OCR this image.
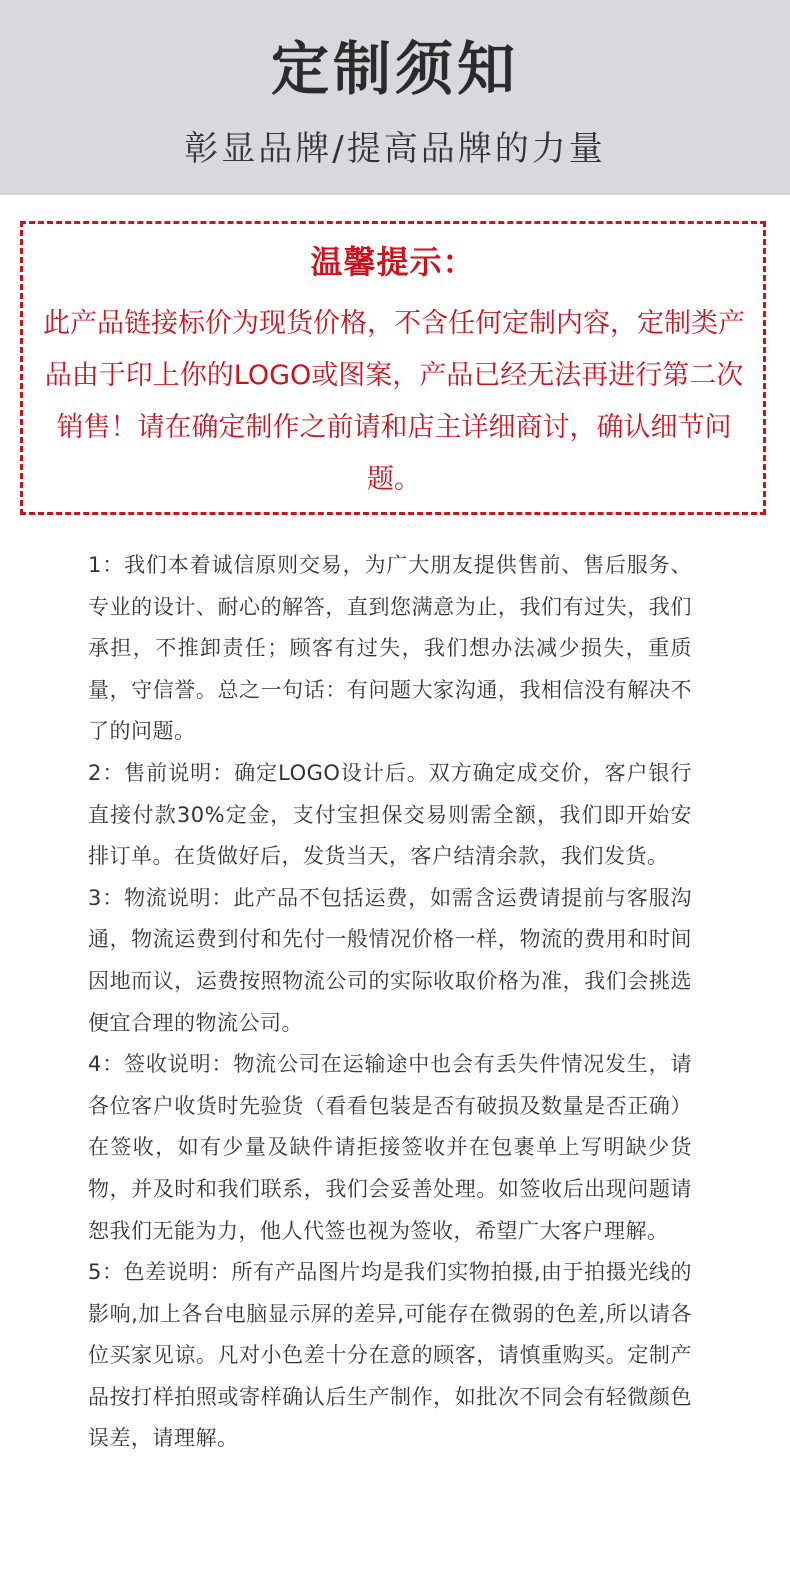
定制须知
彰显品牌/提高品牌的力量
温馨提示：
此产品链接标价为现货价格，不含任何定制内容，定制类产品由于印上你的LOGO或图案，产品已经无法再进行第二次销售！请在确定制作之前请和店主详细商讨，确认细节问题。
1：我们本着诚信原则交易，为广大朋友提供售前、售后服务、专业的设计、耐心的解答，直到您满意为止，我们有过失，我们承担，不推卸责任；顾客有过失，我们想办法减少损失，重质量，守信誉。总之一句话：有问题大家沟通，我相信没有解决不了的问题。
2：售前说明：确定LOGO设计后。双方确定成交价，客户银行直接付款30%定金，支付宝担保交易则需全额，我们即开始安排订单。在货做好后，发货当天，客户结清余款，我们发货。
3：物流说明：此产品不包括运费，如需含运费请提前与客服沟通，物流运费到付和先付一般情况价格一样，物流的费用和时间因地而议，运费按照物流公司的实际收取价格为准，我们会挑选便宜合理的物流公司。
4：签收说明：物流公司在运输途中也会有丢失件情况发生，请各位客户收货时先验货（看看包装是否有破损及数量是否正确）在签收，如有少量及缺件请拒接签收并在包裹单上写明缺少货物，并及时和我们联系，我们会妥善处理。如签收后出现问题请恕我们无能为力，他人代签也视为签收，希望广大客户理解。
5：色差说明：所有产品图片均是我们实物拍摄,由于拍摄光线的影响,加上各台电脑显示屏的差异,可能存在微弱的色差,所以请各位买家见谅。凡对小色差十分在意的顾客，请慎重购买。定制产品按打样拍照或寄样确认后生产制作，如批次不同会有轻微颜色误差，请理解。
